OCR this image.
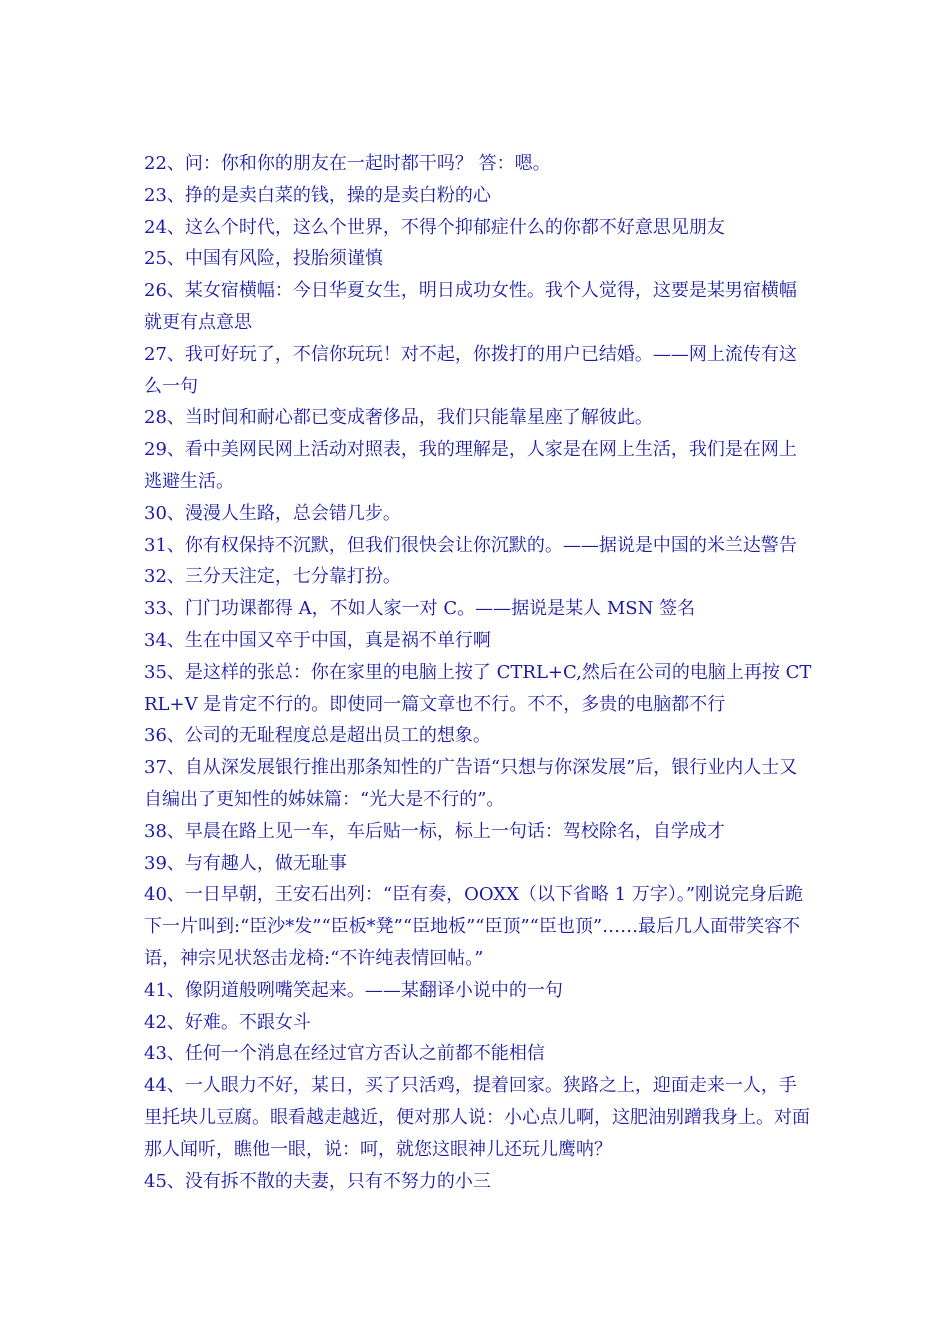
22、问：你和你的朋友在一起时都干吗？ 答：嗯。

23、挣的是卖白菜的钱，操的是卖白粉的心

24、这么个时代，这么个世界，不得个抑郁症什么的你都不好意思见朋友

25、中国有风险，投胎须谨慎

26、某女宿横幅：今日华夏女生，明日成功女性。我个人觉得，这要是某男宿横幅就更有点意思

27、我可好玩了，不信你玩玩！对不起，你拨打的用户已结婚。——网上流传有这么一句

28、当时间和耐心都已变成奢侈品，我们只能靠星座了解彼此。

29、看中美网民网上活动对照表，我的理解是，人家是在网上生活，我们是在网上逃避生活。

30、漫漫人生路，总会错几步。

31、你有权保持不沉默，但我们很快会让你沉默的。——据说是中国的米兰达警告

32、三分天注定，七分靠打扮。

33、门门功课都得 A，不如人家一对 C。——据说是某人 MSN 签名

34、生在中国又卒于中国，真是祸不单行啊

35、是这样的张总：你在家里的电脑上按了 CTRL+C,然后在公司的电脑上再按 CTRL+V 是肯定不行的。即使同一篇文章也不行。不不，多贵的电脑都不行

36、公司的无耻程度总是超出员工的想象。

37、自从深发展银行推出那条知性的广告语“只想与你深发展”后，银行业内人士又自编出了更知性的姊妹篇：“光大是不行的”。

38、早晨在路上见一车，车后贴一标，标上一句话：驾校除名，自学成才

39、与有趣人，做无耻事

40、一日早朝，王安石出列：“臣有奏，OOXX（以下省略 1 万字）。”刚说完身后跪下一片叫到:“臣沙*发”“臣板*凳”“臣地板”“臣顶”“臣也顶”……最后几人面带笑容不语，神宗见状怒击龙椅:“不许纯表情回帖。”

41、像阴道般咧嘴笑起来。——某翻译小说中的一句

42、好难。不跟女斗

43、任何一个消息在经过官方否认之前都不能相信

44、一人眼力不好，某日，买了只活鸡，提着回家。狭路之上，迎面走来一人，手里托块儿豆腐。眼看越走越近，便对那人说：小心点儿啊，这肥油别蹭我身上。对面那人闻听，瞧他一眼，说：呵，就您这眼神儿还玩儿鹰呐？

45、没有拆不散的夫妻，只有不努力的小三
